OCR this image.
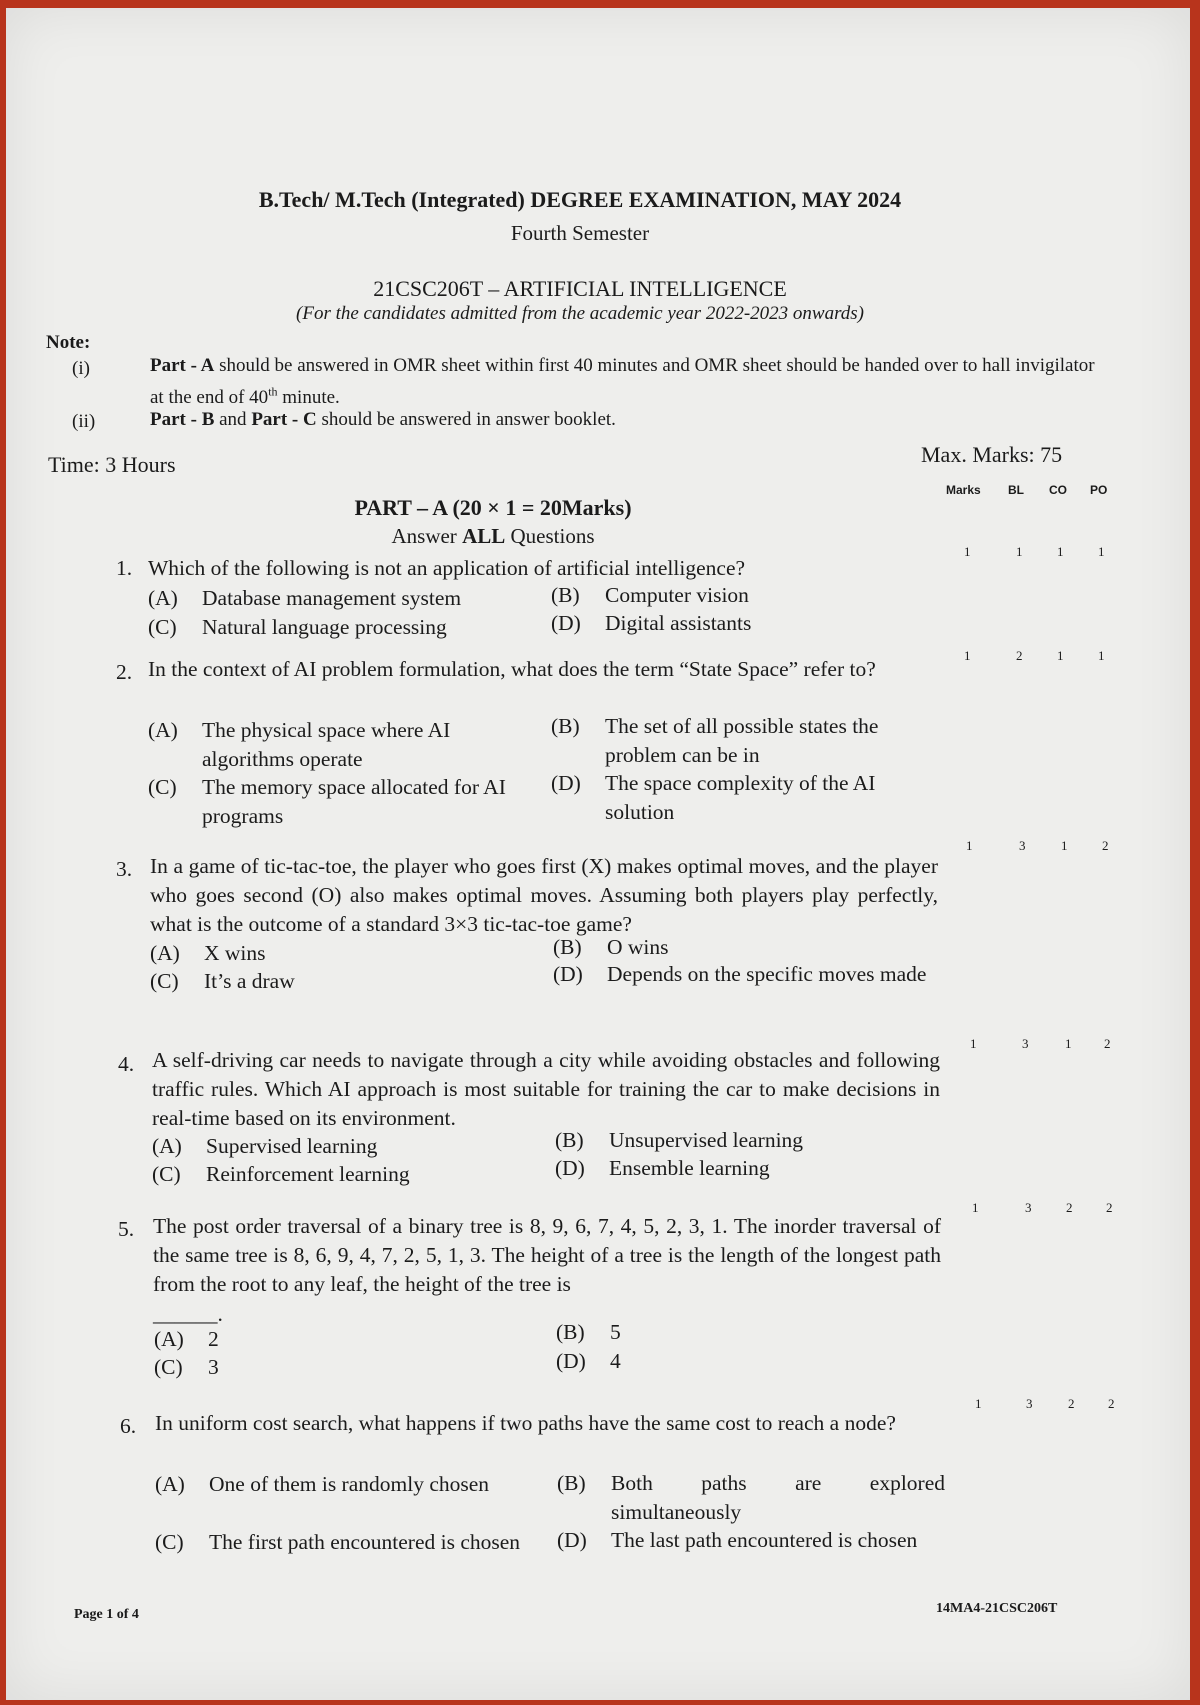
B.Tech/ M.Tech (Integrated) DEGREE EXAMINATION, MAY 2024
Fourth Semester
21CSC206T – ARTIFICIAL INTELLIGENCE
(For the candidates admitted from the academic year 2022-2023 onwards)
Note:
(i)	Part - A should be answered in OMR sheet within first 40 minutes and OMR sheet should be handed over to hall invigilator at the end of 40th minute.
(ii)	Part - B and Part - C should be answered in answer booklet.
Time: 3 Hours	Max. Marks: 75
Marks BL CO PO
PART – A (20 × 1 = 20Marks)
Answer ALL Questions
1. Which of the following is not an application of artificial intelligence?
(A) Database management system	(B) Computer vision
(C) Natural language processing	(D) Digital assistants
1	1	1	1
2. In the context of AI problem formulation, what does the term “State Space” refer to?
(A)	The physical space where AI algorithms operate
(B)	The set of all possible states the problem can be in
(C)	The memory space allocated for AI programs
(D)	The space complexity of the AI solution
1	2	1	1
3. In a game of tic-tac-toe, the player who goes first (X) makes optimal moves, and the player who goes second (O) also makes optimal moves. Assuming both players play perfectly, what is the outcome of a standard 3×3 tic-tac-toe game?
(A) X wins	(B) O wins
(C) It’s a draw	(D)	Depends on the specific moves made
1	3	1	2
4. A self-driving car needs to navigate through a city while avoiding obstacles and following traffic rules. Which AI approach is most suitable for training the car to make decisions in real-time based on its environment.
(A) Supervised learning	(B) Unsupervised learning
(C) Reinforcement learning	(D) Ensemble learning
1	3	1	2
5. The post order traversal of a binary tree is 8, 9, 6, 7, 4, 5, 2, 3, 1. The inorder traversal of the same tree is 8, 6, 9, 4, 7, 2, 5, 1, 3. The height of a tree is the length of the longest path from the root to any leaf, the height of the tree is
______.
(A) 2	(B) 5
(C) 3	(D) 4
1	3	2	2
6. In uniform cost search, what happens if two paths have the same cost to reach a node?
(A)	One of them is randomly chosen	(B)	Both paths are explored simultaneously
(C)	The first path encountered is chosen	(D)	The last path encountered is chosen
1	3	2	2
Page 1 of 4	14MA4-21CSC206T
